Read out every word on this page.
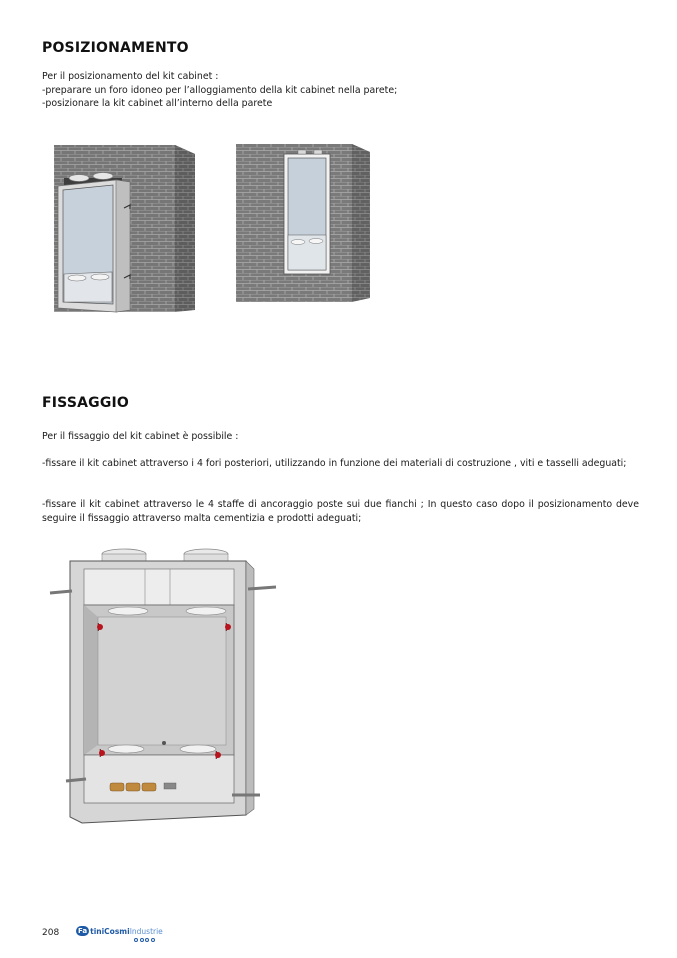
POSIZIONAMENTO
Per il posizionamento del kit cabinet :
-preparare un foro idoneo per l’alloggiamento della kit cabinet nella parete;
-posizionare la kit cabinet all’interno della parete
FISSAGGIO
Per il fissaggio del kit cabinet è possibile :
-fissare il kit cabinet attraverso i 4 fori posteriori, utilizzando in funzione dei materiali di costruzione , viti e tasselli adeguati;
-fissare il kit cabinet attraverso le 4 staffe di ancoraggio poste sui due fianchi ; In questo caso dopo il posizionamento deve seguire il fissaggio attraverso malta cementizia e prodotti adeguati;
208	Fa tiniCosmi Industrie
